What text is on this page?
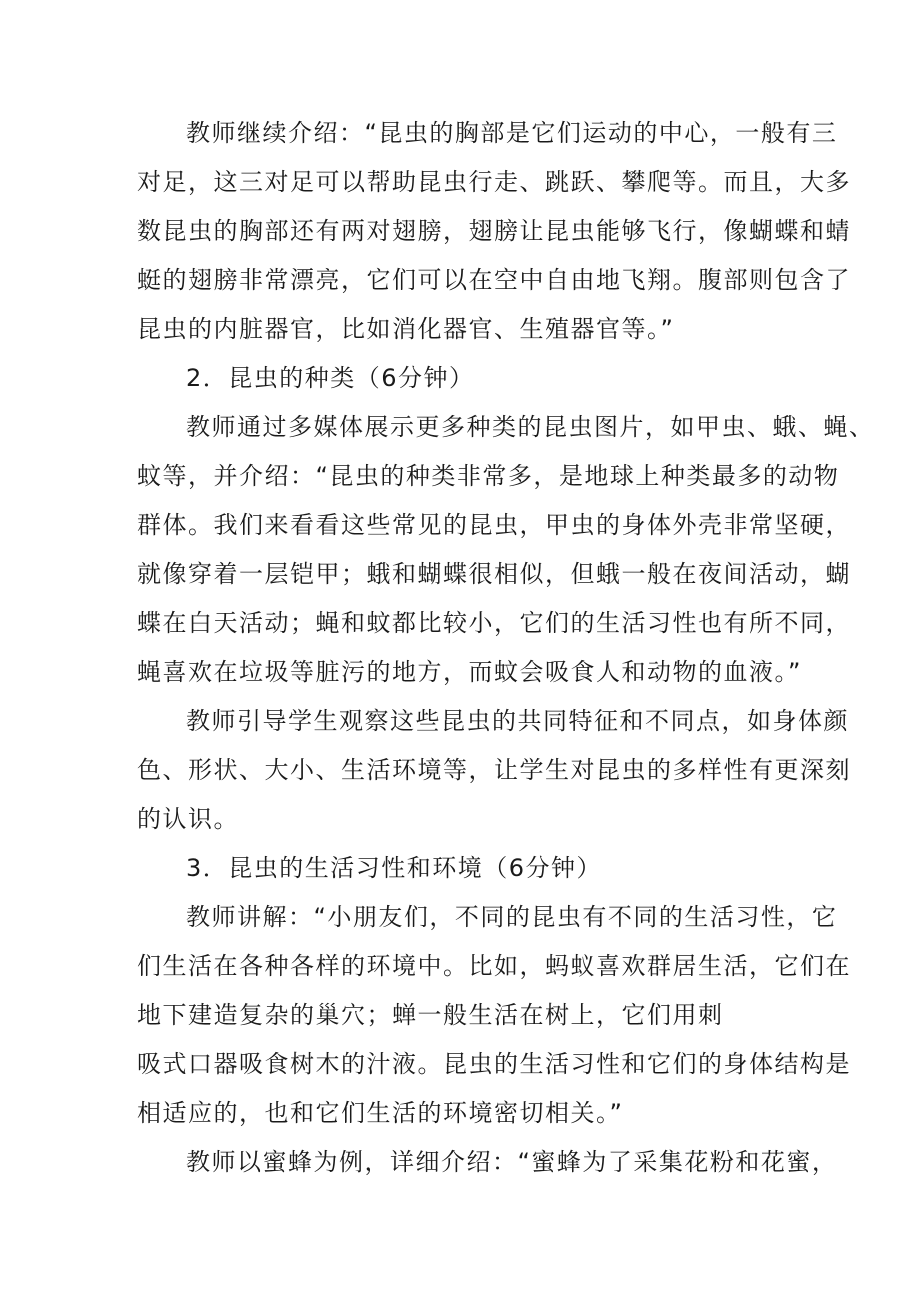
教师继续介绍：“昆虫的胸部是它们运动的中心，一般有三
对足，这三对足可以帮助昆虫行走、跳跃、攀爬等。而且，大多
数昆虫的胸部还有两对翅膀，翅膀让昆虫能够飞行，像蝴蝶和蜻
蜓的翅膀非常漂亮，它们可以在空中自由地飞翔。腹部则包含了
昆虫的内脏器官，比如消化器官、生殖器官等。”
2．昆虫的种类（6分钟）
教师通过多媒体展示更多种类的昆虫图片，如甲虫、蛾、蝇、
蚊等，并介绍：“昆虫的种类非常多，是地球上种类最多的动物
群体。我们来看看这些常见的昆虫，甲虫的身体外壳非常坚硬，
就像穿着一层铠甲；蛾和蝴蝶很相似，但蛾一般在夜间活动，蝴
蝶在白天活动；蝇和蚊都比较小，它们的生活习性也有所不同，
蝇喜欢在垃圾等脏污的地方，而蚊会吸食人和动物的血液。”
教师引导学生观察这些昆虫的共同特征和不同点，如身体颜
色、形状、大小、生活环境等，让学生对昆虫的多样性有更深刻
的认识。
3．昆虫的生活习性和环境（6分钟）
教师讲解：“小朋友们，不同的昆虫有不同的生活习性，它
们生活在各种各样的环境中。比如，蚂蚁喜欢群居生活，它们在
地下建造复杂的巢穴；蝉一般生活在树上，它们用刺
吸式口器吸食树木的汁液。昆虫的生活习性和它们的身体结构是
相适应的，也和它们生活的环境密切相关。”
教师以蜜蜂为例，详细介绍：“蜜蜂为了采集花粉和花蜜，
